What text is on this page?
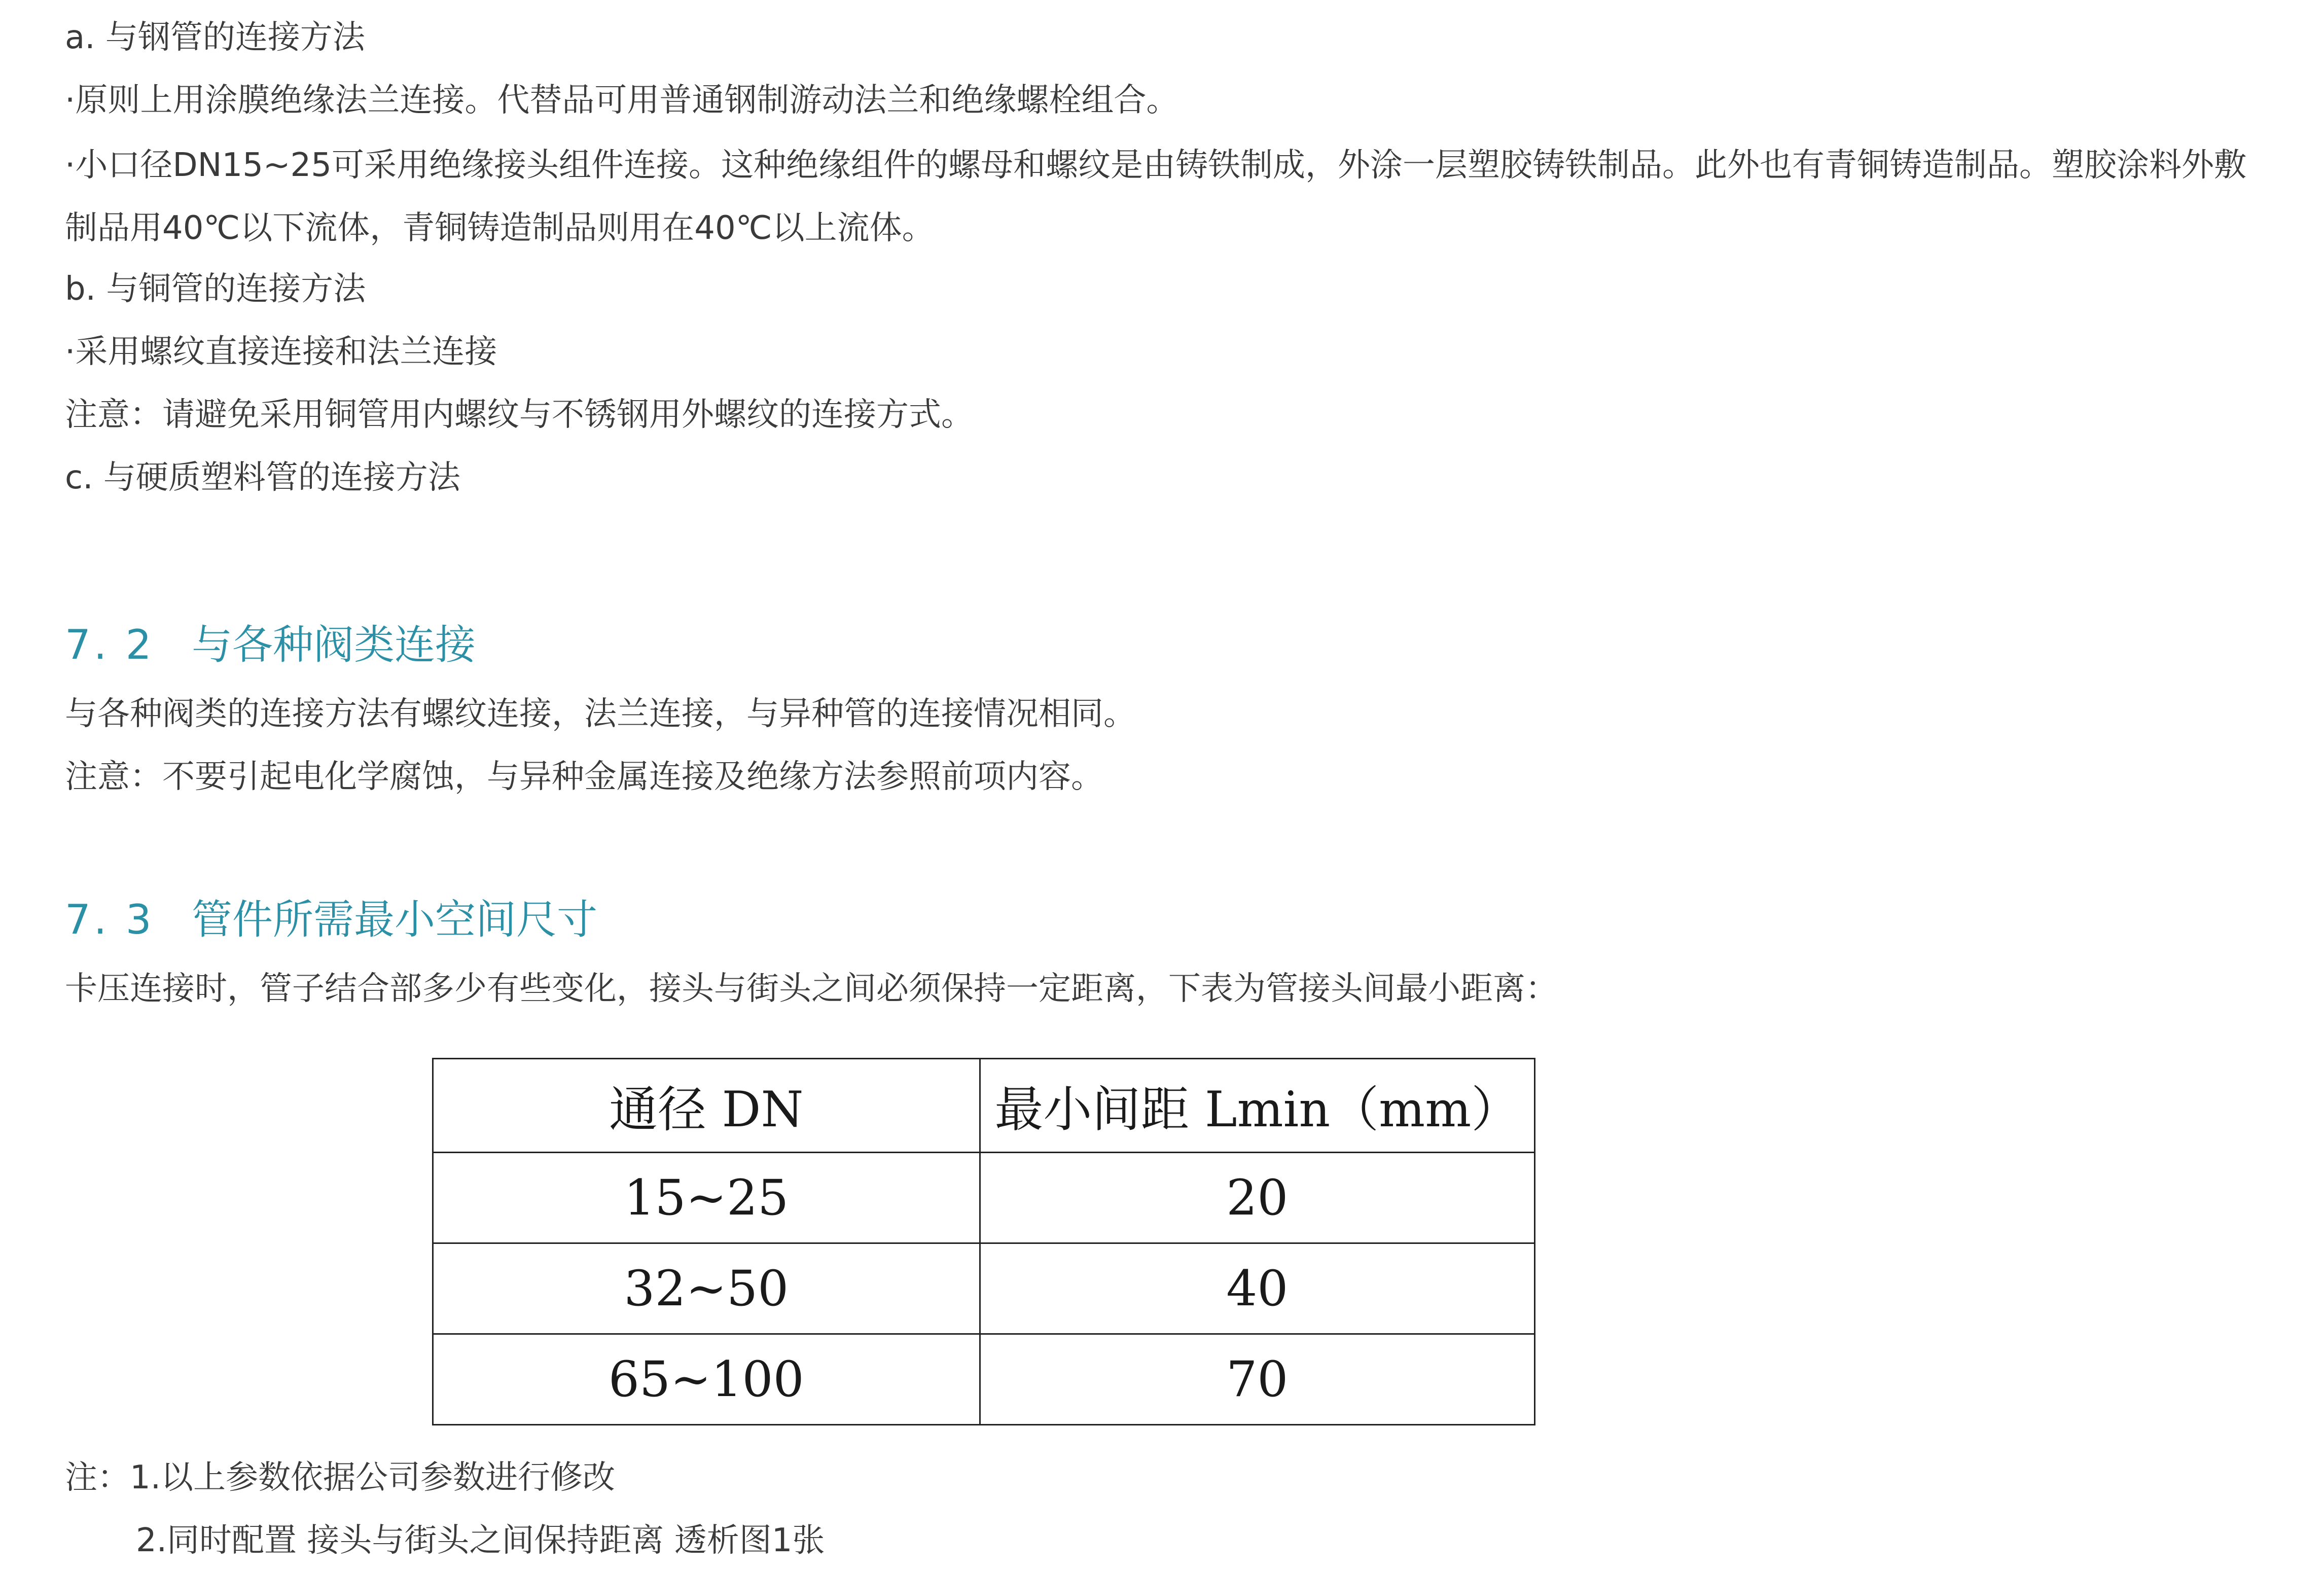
a. 与钢管的连接方法
·原则上用涂膜绝缘法兰连接。代替品可用普通钢制游动法兰和绝缘螺栓组合。
·小口径DN15~25可采用绝缘接头组件连接。这种绝缘组件的螺母和螺纹是由铸铁制成，外涂一层塑胶铸铁制品。此外也有青铜铸造制品。塑胶涂料外敷制品用40℃以下流体，青铜铸造制品则用在40℃以上流体。
b. 与铜管的连接方法
·采用螺纹直接连接和法兰连接
注意：请避免采用铜管用内螺纹与不锈钢用外螺纹的连接方式。
c. 与硬质塑料管的连接方法
7. 2 与各种阀类连接
与各种阀类的连接方法有螺纹连接，法兰连接，与异种管的连接情况相同。
注意：不要引起电化学腐蚀，与异种金属连接及绝缘方法参照前项内容。
7. 3 管件所需最小空间尺寸
卡压连接时，管子结合部多少有些变化，接头与街头之间必须保持一定距离，下表为管接头间最小距离：
通径 DN	最小间距 Lmin（mm）
15~25	20
32~50	40
65~100	70
注：1.以上参数依据公司参数进行修改
2.同时配置 接头与街头之间保持距离 透析图1张
